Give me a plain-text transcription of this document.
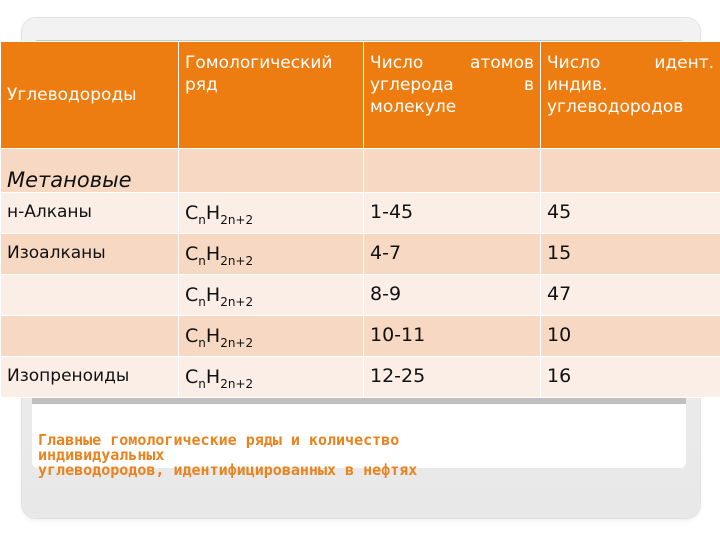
Углеводороды	Гомологический ряд	Число атомов углерода в молекуле	Число идент. индив. углеводородов

Метановые			
н-Алканы	$C_nH_{2n+2}$	1-45	45
Изоалканы	$C_nH_{2n+2}$	4-7	15
	$C_nH_{2n+2}$	8-9	47
	$C_nH_{2n+2}$	10-11	10
Изопреноиды	$C_nH_{2n+2}$	12-25	16
Главные гомологические ряды и количество
индивидуальных
углеводородов, идентифицированных в нефтях
